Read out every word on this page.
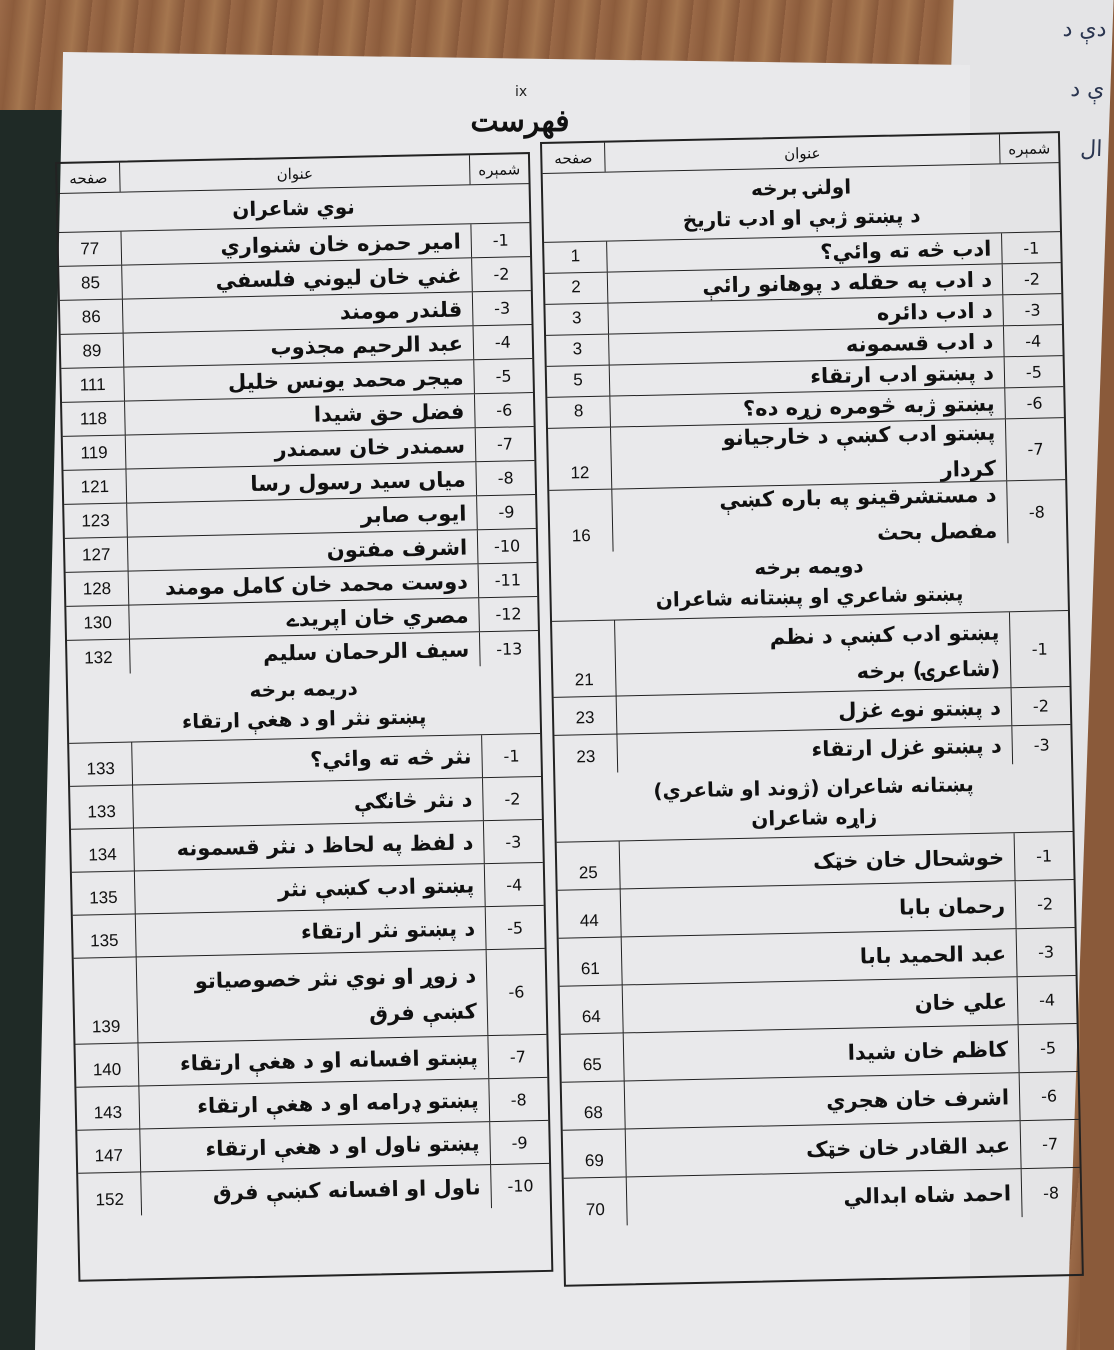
دې د
ې د
ال
ix
فهرست
شمېره
عنوان
صفحه
اولنۍ برخه
د پښتو ژبې او ادب تاریخ
-1
ادب څه ته وائي؟
1
-2
د ادب په حقله د پوهانو رائې
2
-3
د ادب دائره
3
-4
د ادب قسمونه
3
-5
د پښتو ادب ارتقاء
5
-6
پښتو ژبه څومره زړه ده؟
8
-7
پښتو ادب کښې د خارجیانو
کردار
12
-8
د مستشرقینو په باره کښې
مفصل بحث
16
دویمه برخه
پښتو شاعري او پښتانه شاعران
-1
پښتو ادب کښې د نظم
(شاعرۍ) برخه
21
-2
د پښتو نوے غزل
23
-3
د پښتو غزل ارتقاء
23
پښتانه شاعران (ژوند او شاعري)
زاړه شاعران
-1
خوشحال خان خټک
25
-2
رحمان بابا
44
-3
عبد الحمید بابا
61
-4
علي خان
64
-5
کاظم خان شیدا
65
-6
اشرف خان هجري
68
-7
عبد القادر خان خټک
69
-8
احمد شاه ابدالي
70
شمېره
عنوان
صفحه
نوي شاعران
-1
امیر حمزه خان شنواري
77
-2
غني خان لیوني فلسفي
85
-3
قلندر مومند
86
-4
عبد الرحیم مجذوب
89
-5
میجر محمد یونس خلیل
111
-6
فضل حق شیدا
118
-7
سمندر خان سمندر
119
-8
میاں سید رسول رسا
121
-9
ایوب صابر
123
-10
اشرف مفتون
127
-11
دوست محمد خان کامل مومند
128
-12
مصري خان اپریدے
130
-13
سیف الرحمان سلیم
132
دریمه برخه
پښتو نثر او د هغې ارتقاء
-1
نثر څه ته وائي؟
133
-2
د نثر څانګې
133
-3
د لفظ په لحاظ د نثر قسمونه
134
-4
پښتو ادب کښې نثر
135
-5
د پښتو نثر ارتقاء
135
-6
د زوړ او نوي نثر خصوصیاتو
کښې فرق
139
-7
پښتو افسانه او د هغې ارتقاء
140
-8
پښتو ډرامه او د هغې ارتقاء
143
-9
پښتو ناول او د هغې ارتقاء
147
-10
ناول او افسانه کښې فرق
152
